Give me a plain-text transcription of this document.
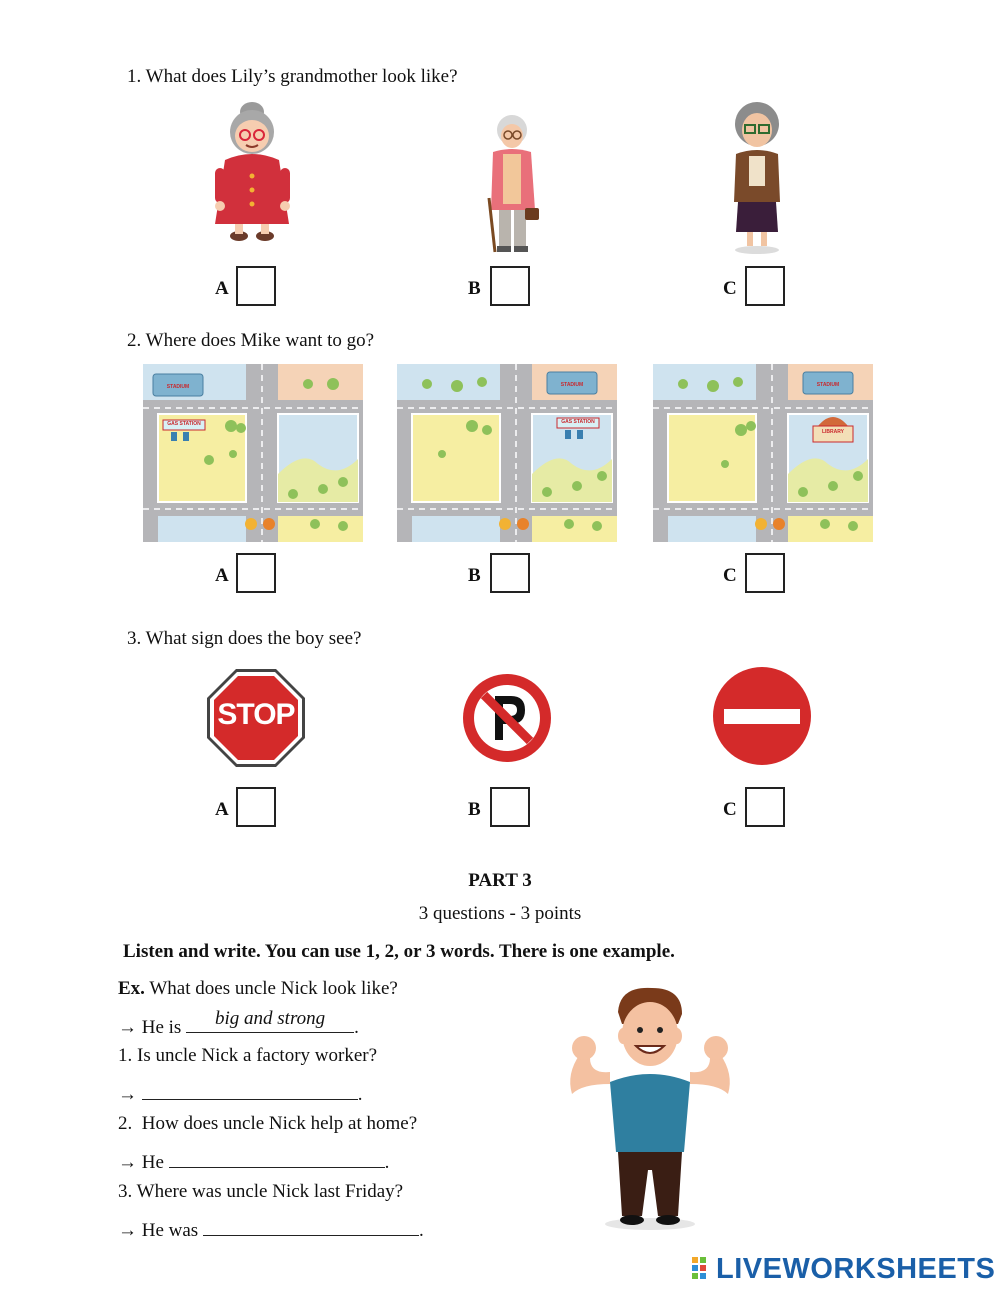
1. What does Lily’s grandmother look like?
A	B	C
2. Where does Mike want to go?
STADIUM
GAS STATION
STADIUM
GAS STATION
STADIUM
LIBRARY
A	B	C
3. What sign does the boy see?
STOP
A	B	C
PART 3
3 questions - 3 points
Listen and write. You can use 1, 2, or 3 words. There is one example.
Ex. What does uncle Nick look like?
→ He is	big and strong	.
1. Is uncle Nick a factory worker?
→	.
2.  How does uncle Nick help at home?
→ He	.
3. Where was uncle Nick last Friday?
→ He was	.
LIVEWORKSHEETS
